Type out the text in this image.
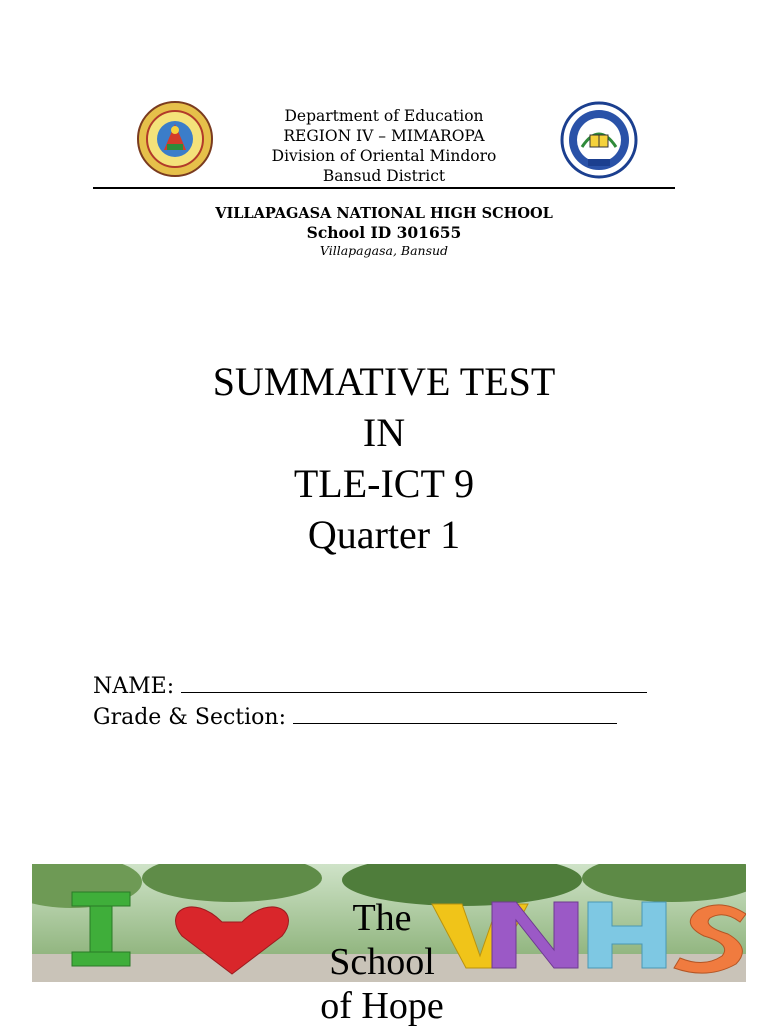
Department of Education
REGION IV – MIMAROPA
Division of Oriental Mindoro
Bansud District
VILLAPAGASA NATIONAL HIGH SCHOOL
School ID 301655
Villapagasa, Bansud
SUMMATIVE TEST
IN
TLE-ICT 9
Quarter 1
NAME:
Grade & Section:
The
School
of Hope
